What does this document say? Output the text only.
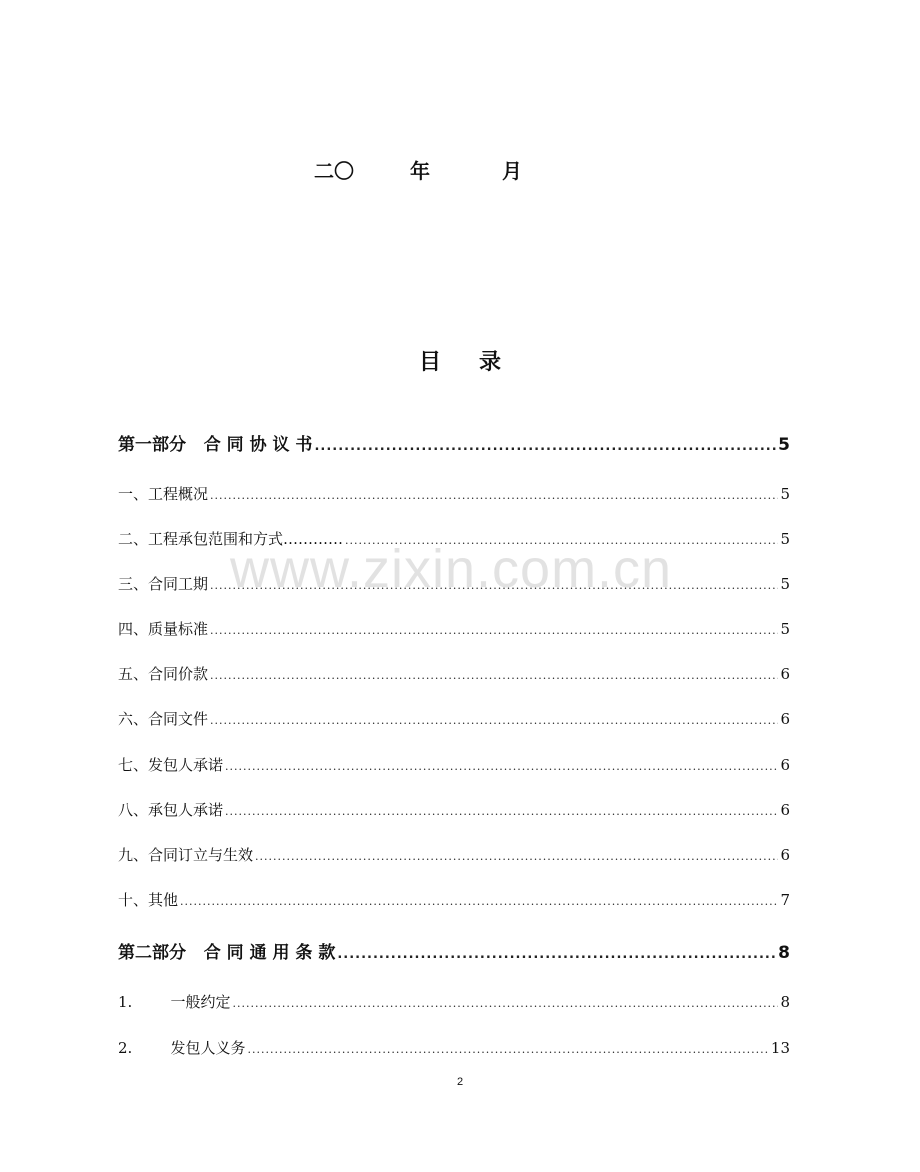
二〇	年	月
目录
www.zixin.com.cn
第一部分   合 同 协 议 书 .....	5
一、工程概况 .....	5
二、工程承包范围和方式………… .....	5
三、合同工期 .....	5
四、质量标准 .....	5
五、合同价款 .....	6
六、合同文件 .....	6
七、发包人承诺 .....	6
八、承包人承诺 .....	6
九、合同订立与生效 .....	6
十、其他 .....	7
第二部分   合 同 通 用 条 款 .....	8
1.        一般约定 .....	8
2.        发包人义务 .....	13
2
